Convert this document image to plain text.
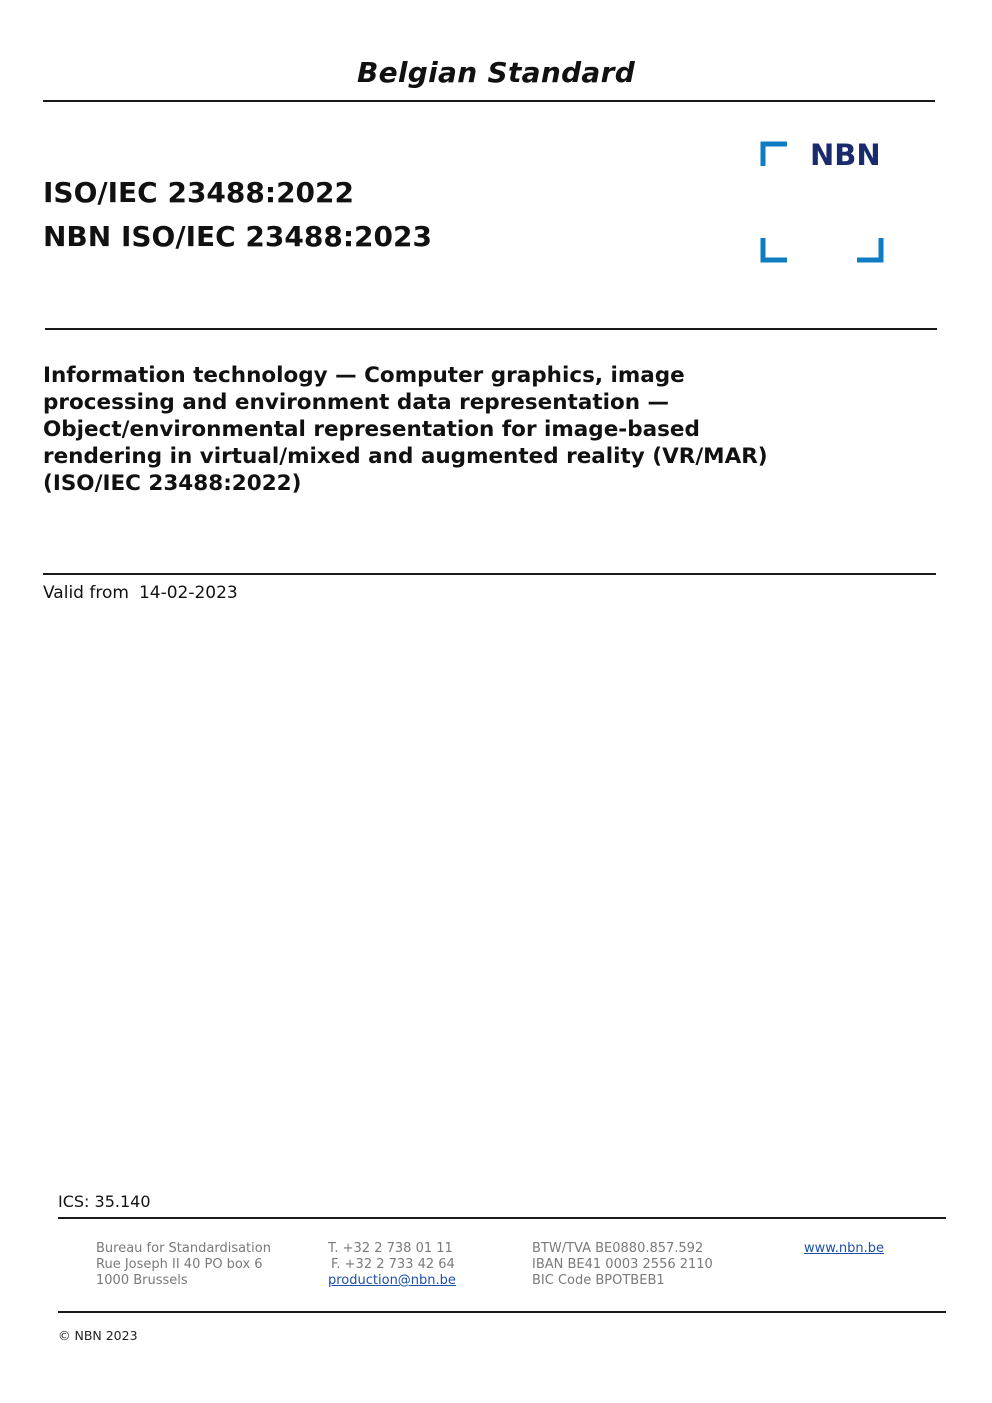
Belgian Standard
ISO/IEC 23488:2022
NBN ISO/IEC 23488:2023
NBN
Information technology — Computer graphics, image
processing and environment data representation —
Object/environmental representation for image-based
rendering in virtual/mixed and augmented reality (VR/MAR)
(ISO/IEC 23488:2022)
Valid from 14-02-2023
ICS: 35.140
Bureau for Standardisation
Rue Joseph II 40 PO box 6
1000 Brussels
T. +32 2 738 01 11
F. +32 2 733 42 64
production@nbn.be
BTW/TVA BE0880.857.592
IBAN BE41 0003 2556 2110
BIC Code BPOTBEB1
www.nbn.be
© NBN 2023
